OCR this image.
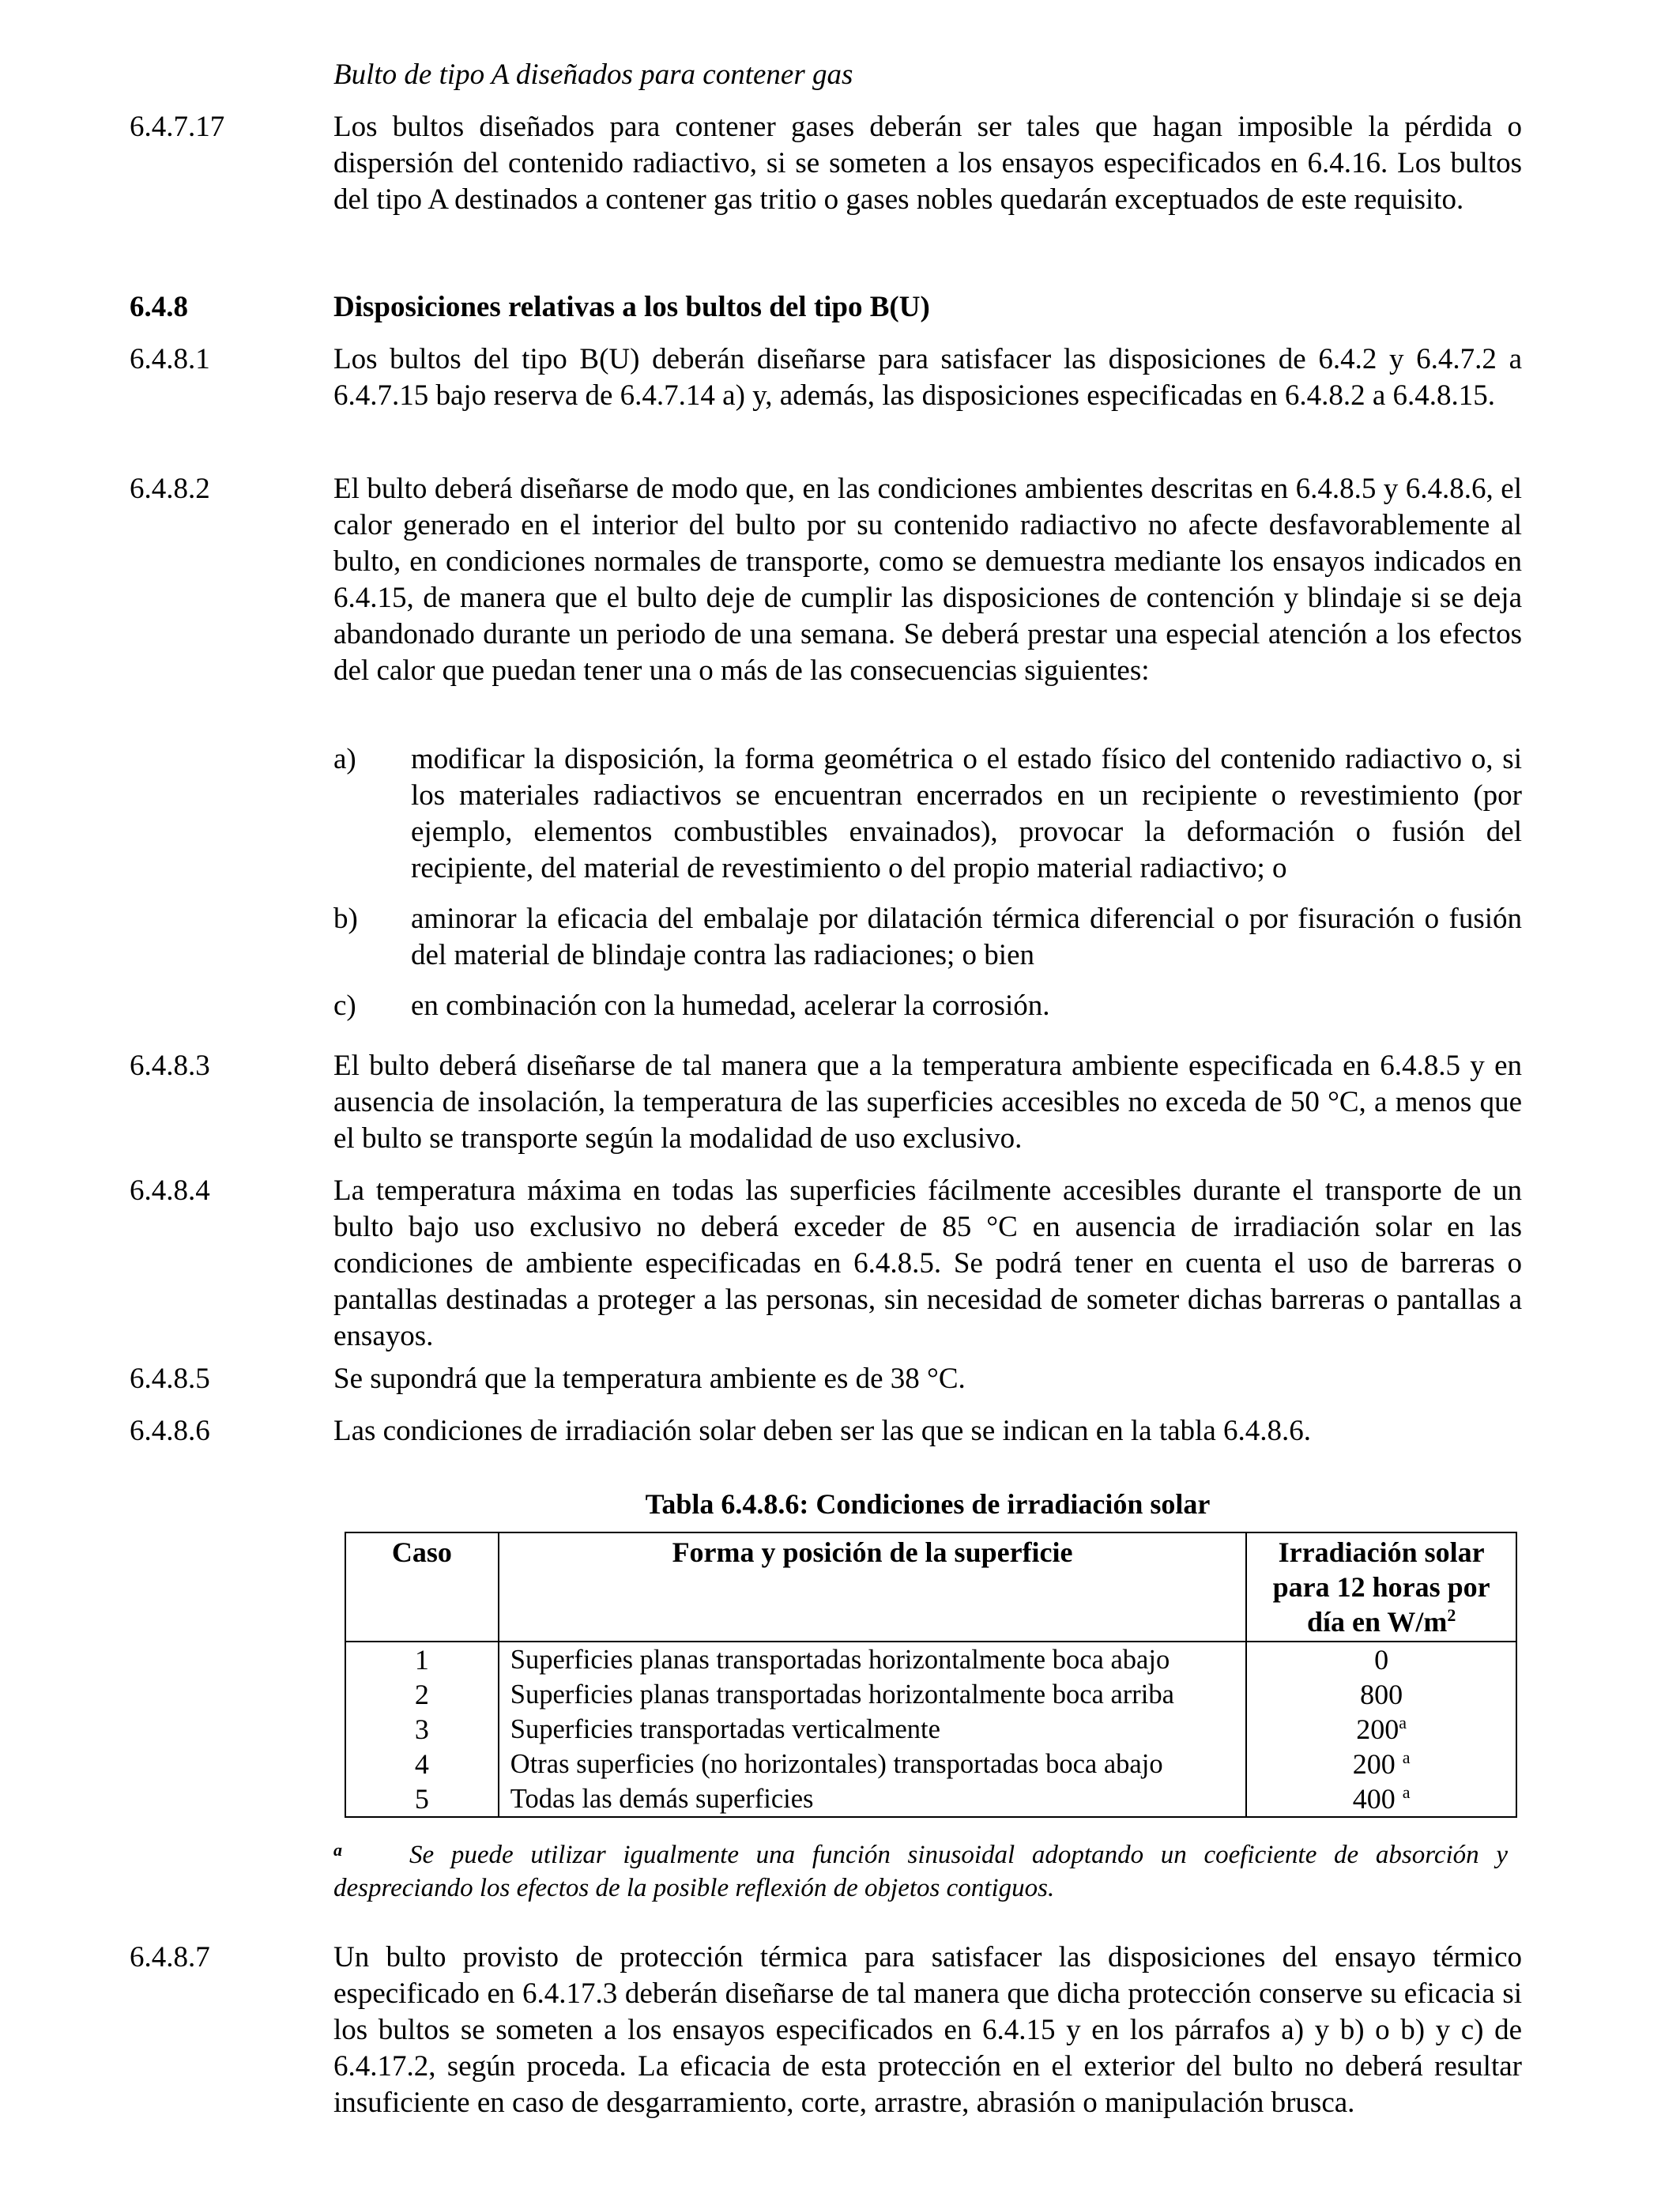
Bulto de tipo A diseñados para contener gas
6.4.7.17	Los bultos diseñados para contener gases deberán ser tales que hagan imposible la pérdida o dispersión del contenido radiactivo, si se someten a los ensayos especificados en 6.4.16. Los bultos del tipo A destinados a contener gas tritio o gases nobles quedarán exceptuados de este requisito.
6.4.8	Disposiciones relativas a los bultos del tipo B(U)
6.4.8.1	Los bultos del tipo B(U) deberán diseñarse para satisfacer las disposiciones de 6.4.2 y 6.4.7.2 a 6.4.7.15 bajo reserva de 6.4.7.14 a) y, además, las disposiciones especificadas en 6.4.8.2 a 6.4.8.15.
6.4.8.2	El bulto deberá diseñarse de modo que, en las condiciones ambientes descritas en 6.4.8.5 y 6.4.8.6, el calor generado en el interior del bulto por su contenido radiactivo no afecte desfavorablemente al bulto, en condiciones normales de transporte, como se demuestra mediante los ensayos indicados en 6.4.15, de manera que el bulto deje de cumplir las disposiciones de contención y blindaje si se deja abandonado durante un periodo de una semana. Se deberá prestar una especial atención a los efectos del calor que puedan tener una o más de las consecuencias siguientes:
a)	modificar la disposición, la forma geométrica o el estado físico del contenido radiactivo o, si los materiales radiactivos se encuentran encerrados en un recipiente o revestimiento (por ejemplo, elementos combustibles envainados), provocar la deformación o fusión del recipiente, del material de revestimiento o del propio material radiactivo; o
b)	aminorar la eficacia del embalaje por dilatación térmica diferencial o por fisuración o fusión del material de blindaje contra las radiaciones; o bien
c)	en combinación con la humedad, acelerar la corrosión.
6.4.8.3	El bulto deberá diseñarse de tal manera que a la temperatura ambiente especificada en 6.4.8.5 y en ausencia de insolación, la temperatura de las superficies accesibles no exceda de 50 °C, a menos que el bulto se transporte según la modalidad de uso exclusivo.
6.4.8.4	La temperatura máxima en todas las superficies fácilmente accesibles durante el transporte de un bulto bajo uso exclusivo no deberá exceder de 85 °C en ausencia de irradiación solar en las condiciones de ambiente especificadas en 6.4.8.5. Se podrá tener en cuenta el uso de barreras o pantallas destinadas a proteger a las personas, sin necesidad de someter dichas barreras o pantallas a ensayos.
6.4.8.5	Se supondrá que la temperatura ambiente es de 38 °C.
6.4.8.6	Las condiciones de irradiación solar deben ser las que se indican en la tabla 6.4.8.6.
Tabla 6.4.8.6: Condiciones de irradiación solar
Caso	Forma y posición de la superficie	Irradiación solar
para 12 horas por
día en W/m$^2$
1	Superficies planas transportadas horizontalmente boca abajo	0
2	Superficies planas transportadas horizontalmente boca arriba	800
3	Superficies transportadas verticalmente	200$^a$
4	Otras superficies (no horizontales) transportadas boca abajo	200 $^a$
5	Todas las demás superficies	400 $^a$
a	Se puede utilizar igualmente una función sinusoidal adoptando un coeficiente de absorción y despreciando los efectos de la posible reflexión de objetos contiguos.
6.4.8.7	Un bulto provisto de protección térmica para satisfacer las disposiciones del ensayo térmico especificado en 6.4.17.3 deberán diseñarse de tal manera que dicha protección conserve su eficacia si los bultos se someten a los ensayos especificados en 6.4.15 y en los párrafos a) y b) o b) y c) de 6.4.17.2, según proceda. La eficacia de esta protección en el exterior del bulto no deberá resultar insuficiente en caso de desgarramiento, corte, arrastre, abrasión o manipulación brusca.
